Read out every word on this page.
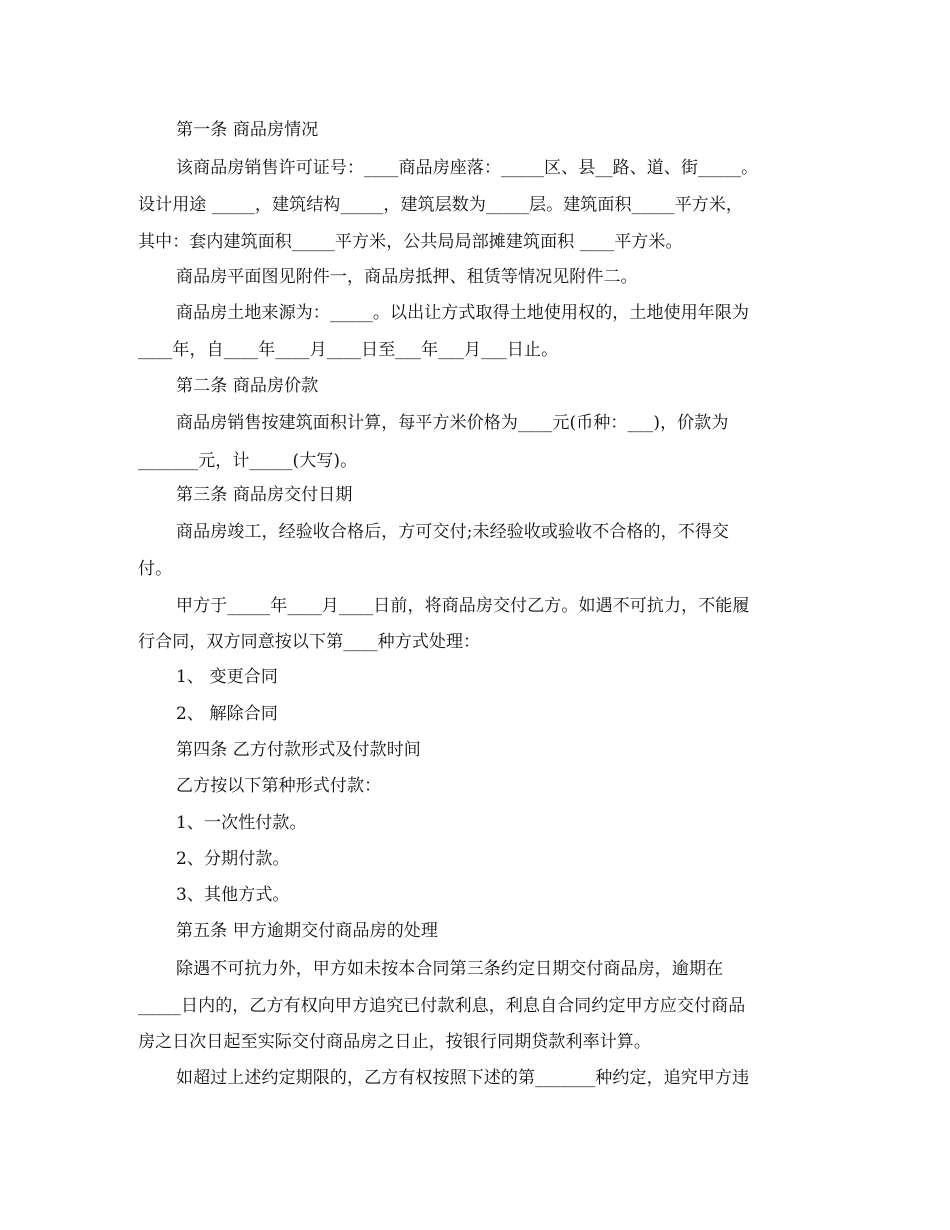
第一条 商品房情况
该商品房销售许可证号：____商品房座落：_____区、县__路、道、街_____。
设计用途 _____，建筑结构_____，建筑层数为_____层。建筑面积_____平方米，
其中：套内建筑面积_____平方米，公共局局部摊建筑面积 ____平方米。
商品房平面图见附件一，商品房抵押、租赁等情况见附件二。
商品房土地来源为：_____。以出让方式取得土地使用权的，土地使用年限为
____年，自____年____月____日至___年___月___日止。
第二条 商品房价款
商品房销售按建筑面积计算，每平方米价格为____元(币种：___)，价款为
_______元，计_____(大写)。
第三条 商品房交付日期
商品房竣工，经验收合格后，方可交付;未经验收或验收不合格的，不得交
付。
甲方于_____年____月____日前，将商品房交付乙方。如遇不可抗力，不能履
行合同，双方同意按以下第____种方式处理：
1、 变更合同
2、 解除合同
第四条 乙方付款形式及付款时间
乙方按以下第种形式付款：
1、一次性付款。
2、分期付款。
3、其他方式。
第五条 甲方逾期交付商品房的处理
除遇不可抗力外，甲方如未按本合同第三条约定日期交付商品房，逾期在
_____日内的，乙方有权向甲方追究已付款利息，利息自合同约定甲方应交付商品
房之日次日起至实际交付商品房之日止，按银行同期贷款利率计算。
如超过上述约定期限的，乙方有权按照下述的第_______种约定，追究甲方违
